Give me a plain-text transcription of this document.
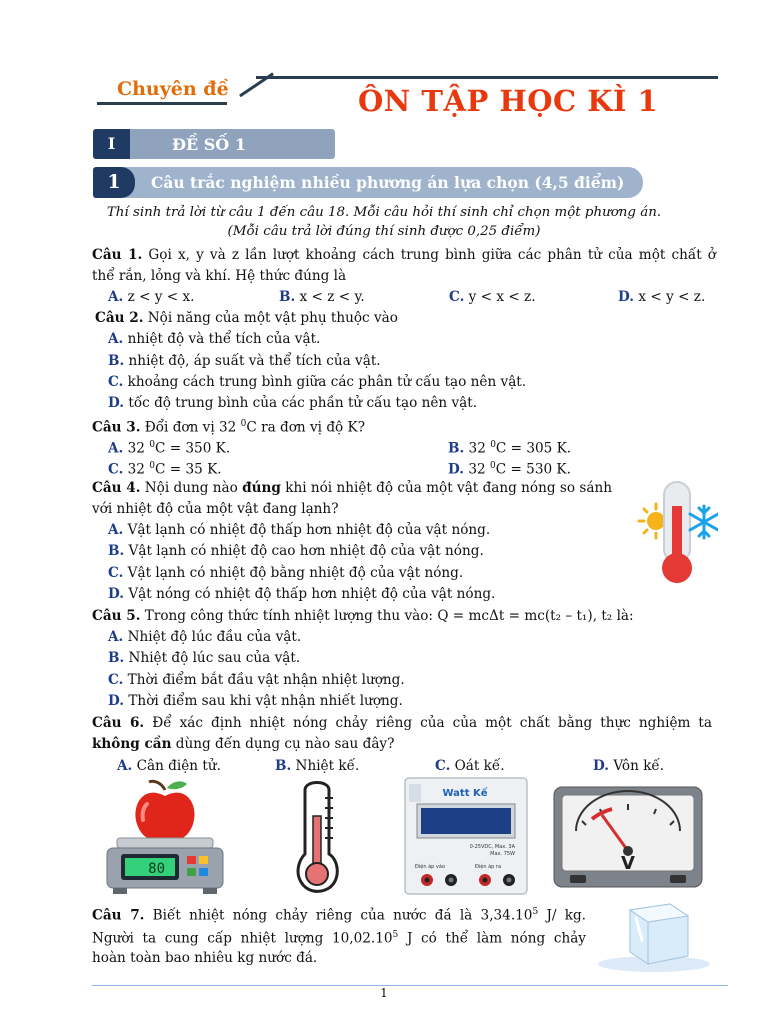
Chuyên đề	ÔN TẬP HỌC KÌ 1
I	ĐỀ SỐ 1
1	Câu trắc nghiệm nhiều phương án lựa chọn (4,5 điểm)
Thí sinh trả lời từ câu 1 đến câu 18. Mỗi câu hỏi thí sinh chỉ chọn một phương án.
(Mỗi câu trả lời đúng thí sinh được 0,25 điểm)
Câu 1. Gọi x, y và z lần lượt khoảng cách trung bình giữa các phân tử của một chất ở
thể rắn, lỏng và khí. Hệ thức đúng là
A. z < y < x.	B. x < z < y.	C. y < x < z.	D. x < y < z.
Câu 2. Nội năng của một vật phụ thuộc vào
A. nhiệt độ và thể tích của vật.
B. nhiệt độ, áp suất và thể tích của vật.
C. khoảng cách trung bình giữa các phân tử cấu tạo nên vật.
D. tốc độ trung bình của các phần tử cấu tạo nên vật.
Câu 3. Đổi đơn vị 32 $^0$C ra đơn vị độ K?
A. 32 $^0$C = 350 K.	B. 32 $^0$C = 305 K.
C. 32 $^0$C = 35 K.	D. 32 $^0$C = 530 K.
Câu 4. Nội dung nào đúng khi nói nhiệt độ của một vật đang nóng so sánh
với nhiệt độ của một vật đang lạnh?
A. Vật lạnh có nhiệt độ thấp hơn nhiệt độ của vật nóng.
B. Vật lạnh có nhiệt độ cao hơn nhiệt độ của vật nóng.
C. Vật lạnh có nhiệt độ bằng nhiệt độ của vật nóng.
D. Vật nóng có nhiệt độ thấp hơn nhiệt độ của vật nóng.
Câu 5. Trong công thức tính nhiệt lượng thu vào: Q = mcΔt = mc(t₂ – t₁), t₂ là:
A. Nhiệt độ lúc đầu của vật.
B. Nhiệt độ lúc sau của vật.
C. Thời điểm bắt đầu vật nhận nhiệt lượng.
D. Thời điểm sau khi vật nhận nhiết lượng.
Câu 6. Để xác định nhiệt nóng chảy riêng của của một chất bằng thực nghiệm ta
không cần dùng đến dụng cụ nào sau đây?
A. Cân điện tử.	B. Nhiệt kế.	C. Oát kế.	D. Vôn kế.
80
Watt Kế
0-25VDC, Max. 3A
Max. 75W
Điện áp vào	Điện áp ra	V
Câu 7. Biết nhiệt nóng chảy riêng của nước đá là 3,34.10$^5$ J/ kg.
Người ta cung cấp nhiệt lượng 10,02.10$^5$ J có thể làm nóng chảy
hoàn toàn bao nhiêu kg nước đá.
1
